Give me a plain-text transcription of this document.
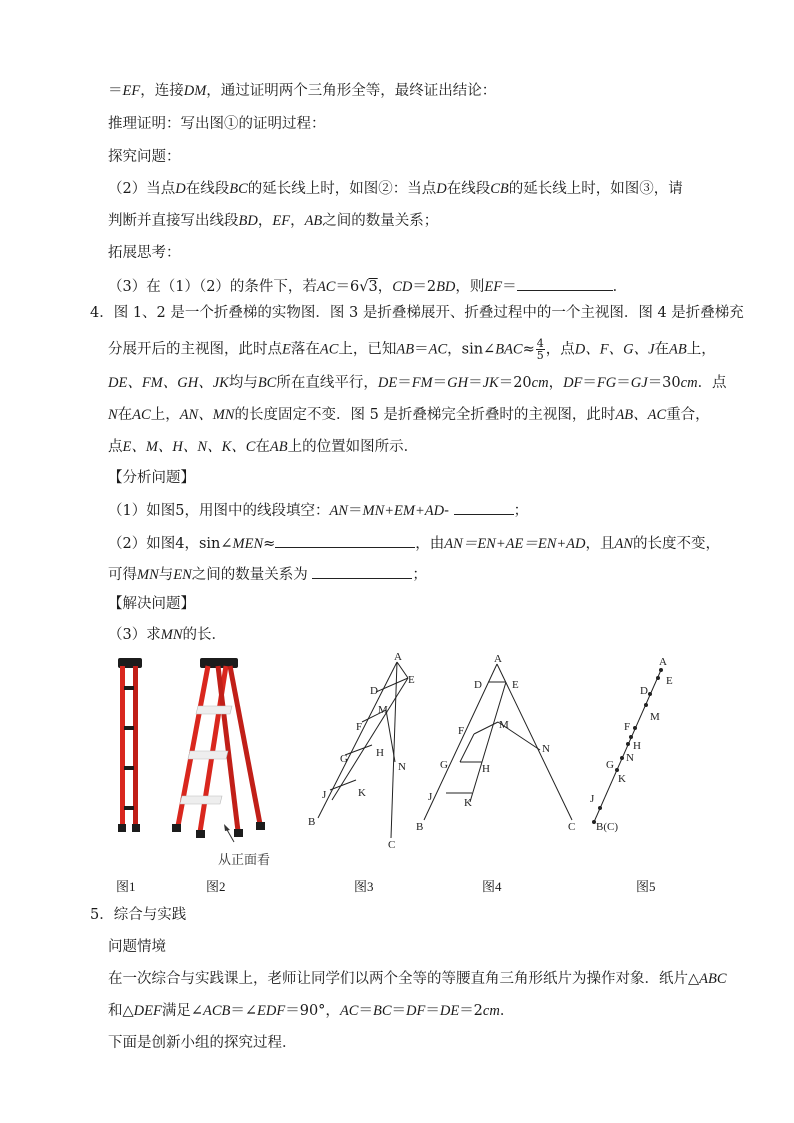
＝EF，连接DM，通过证明两个三角形全等，最终证出结论：
推理证明：写出图①的证明过程：
探究问题：
（2）当点D在线段BC的延长线上时，如图②：当点D在线段CB的延长线上时，如图③，请
判断并直接写出线段BD，EF，AB之间的数量关系；
拓展思考：
（3）在（1）（2）的条件下，若AC＝6√3，CD＝2BD，则EF＝	．
4．图 1、2 是一个折叠梯的实物图．图 3 是折叠梯展开、折叠过程中的一个主视图．图 4 是折叠梯充
分展开后的主视图，此时点E落在AC上，已知AB＝AC，sin∠BAC≈ $\frac{4}{5}$ ，点D、F、G、J在AB上，
DE、FM、GH、JK均与BC所在直线平行，DE＝FM＝GH＝JK＝20cm，DF＝FG＝GJ＝30cm．点
N在AC上，AN、MN的长度固定不变．图 5 是折叠梯完全折叠时的主视图，此时AB、AC重合，
点E、M、H、N、K、C在AB上的位置如图所示．
【分析问题】
（1）如图5，用图中的线段填空：AN＝MN+EM+AD-	；
（2）如图4，sin∠MEN≈	，由AN＝EN+AE＝EN+AD，且AN的长度不变，
可得MN与EN之间的数量关系为	；
【解决问题】
（3）求MN的长．
从正面看
A
D
E
M
F
H
N
G
J	K
B
C
A
D	E
M
F
N
G	H
J	K
B	C
A
E
D
M
F
H
N
G
K
J
B(C)
图1	图2	图3	图4	图5
5．综合与实践
问题情境
在一次综合与实践课上，老师让同学们以两个全等的等腰直角三角形纸片为操作对象．纸片△ABC
和△DEF满足∠ACB＝∠EDF＝90°，AC＝BC＝DF＝DE＝2cm．
下面是创新小组的探究过程．
